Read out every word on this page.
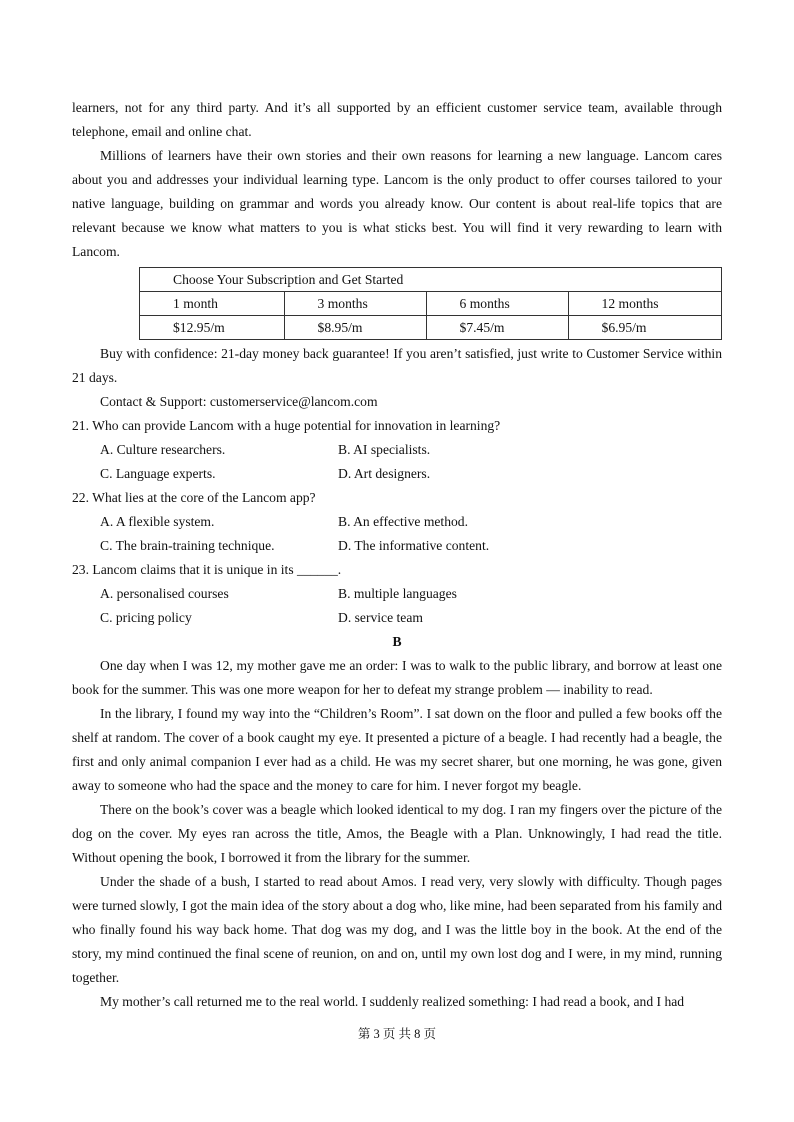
learners, not for any third party. And it’s all supported by an efficient customer service team, available through telephone, email and online chat.

Millions of learners have their own stories and their own reasons for learning a new language. Lancom cares about you and addresses your individual learning type. Lancom is the only product to offer courses tailored to your native language, building on grammar and words you already know. Our content is about real-life topics that are relevant because we know what matters to you is what sticks best. You will find it very rewarding to learn with Lancom.

Choose Your Subscription and Get Started			
1 month	3 months	6 months	12 months
$12.95/m	$8.95/m	$7.45/m	$6.95/m

Buy with confidence: 21-day money back guarantee! If you aren’t satisfied, just write to Customer Service within 21 days.

Contact & Support: customerservice@lancom.com

21. Who can provide Lancom with a huge potential for innovation in learning?

A. Culture researchers.	B. AI specialists.
C. Language experts.	D. Art designers.

22. What lies at the core of the Lancom app?

A. A flexible system.	B. An effective method.
C. The brain-training technique.	D. The informative content.

23. Lancom claims that it is unique in its ______.

A. personalised courses	B. multiple languages
C. pricing policy	D. service team

B

One day when I was 12, my mother gave me an order: I was to walk to the public library, and borrow at least one book for the summer. This was one more weapon for her to defeat my strange problem — inability to read.

In the library, I found my way into the “Children’s Room”. I sat down on the floor and pulled a few books off the shelf at random. The cover of a book caught my eye. It presented a picture of a beagle. I had recently had a beagle, the first and only animal companion I ever had as a child. He was my secret sharer, but one morning, he was gone, given away to someone who had the space and the money to care for him. I never forgot my beagle.

There on the book’s cover was a beagle which looked identical to my dog. I ran my fingers over the picture of the dog on the cover. My eyes ran across the title, Amos, the Beagle with a Plan. Unknowingly, I had read the title. Without opening the book, I borrowed it from the library for the summer.

Under the shade of a bush, I started to read about Amos. I read very, very slowly with difficulty. Though pages were turned slowly, I got the main idea of the story about a dog who, like mine, had been separated from his family and who finally found his way back home. That dog was my dog, and I was the little boy in the book. At the end of the story, my mind continued the final scene of reunion, on and on, until my own lost dog and I were, in my mind, running together.

My mother’s call returned me to the real world. I suddenly realized something: I had read a book, and I had

第 3 页 共 8 页
